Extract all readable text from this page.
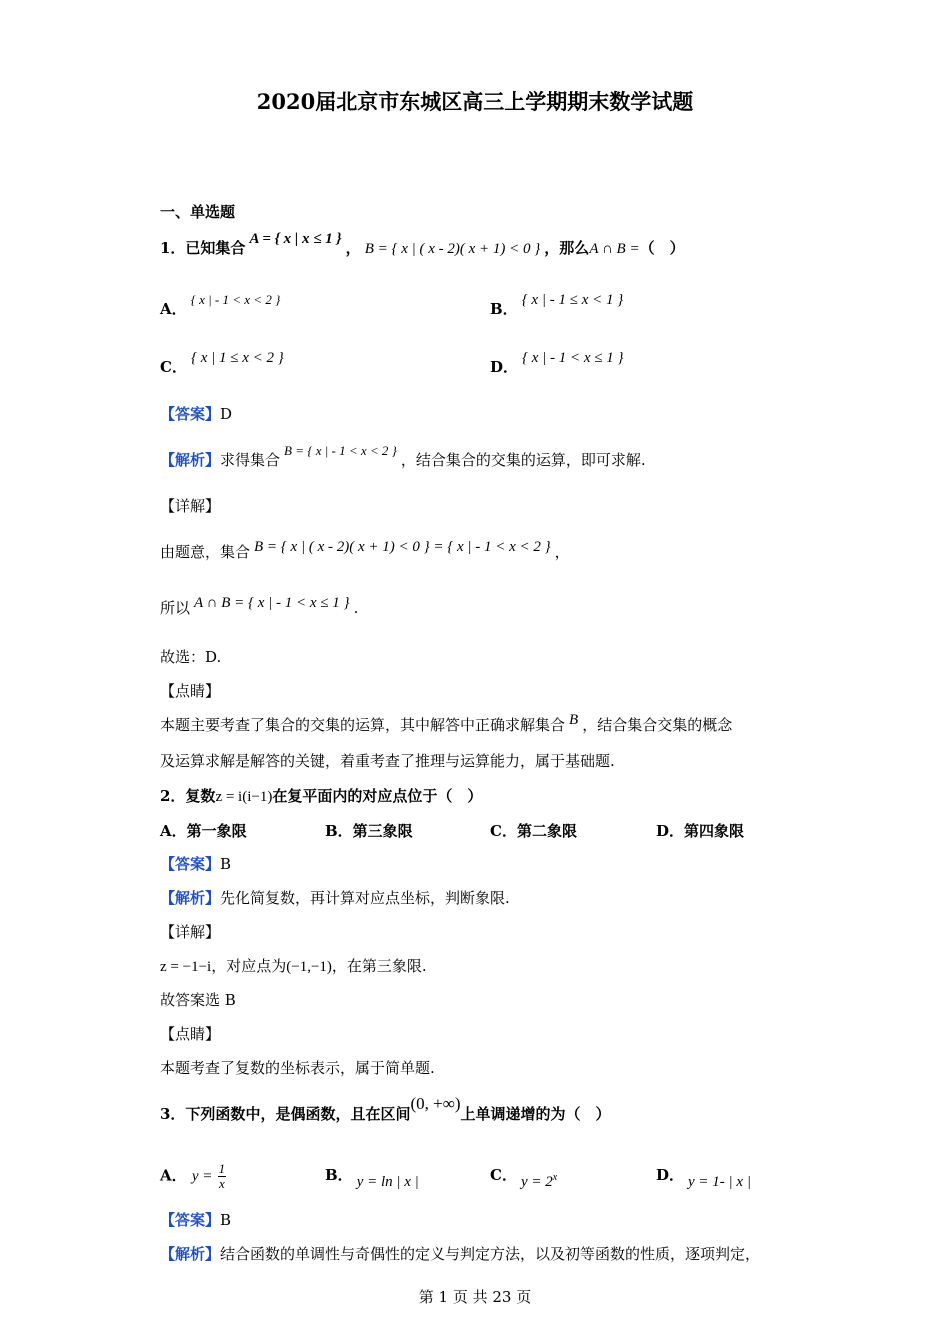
2020届北京市东城区高三上学期期末数学试题
一、单选题
1．已知集合 A = { x | x ≤ 1 } ， B = { x | ( x - 2)( x + 1) < 0 } ，那么A ∩ B =（　）
A．{ x | - 1 < x < 2 }
B． { x | - 1 ≤ x < 1 }
C． { x | 1 ≤ x < 2 }	D． { x | - 1 < x ≤ 1 }
【答案】D
【解析】求得集合B = { x | - 1 < x < 2 }，结合集合的交集的运算，即可求解.
【详解】
由题意，集合 B = { x | ( x - 2)( x + 1) < 0 } = { x | - 1 < x < 2 } ，
所以 A ∩ B = { x | - 1 < x ≤ 1 } .
故选：D.
【点睛】
本题主要考查了集合的交集的运算，其中解答中正确求解集合 B ，结合集合交集的概念
及运算求解是解答的关键，着重考查了推理与运算能力，属于基础题.
2．复数z = i(i−1)在复平面内的对应点位于（　）
A．第一象限	B．第三象限	C．第二象限	D．第四象限
【答案】B
【解析】先化简复数，再计算对应点坐标，判断象限.
【详解】
z = −1−i，对应点为(−1,−1)，在第三象限.
故答案选 B
【点睛】
本题考查了复数的坐标表示，属于简单题.
3．下列函数中，是偶函数，且在区间(0, +∞)上单调递增的为（　）
A． $y = \frac{1}{x}$	B． y = ln | x |	C． $y = 2^x$	D． y = 1- | x |
【答案】B
【解析】结合函数的单调性与奇偶性的定义与判定方法，以及初等函数的性质，逐项判定，
第 1 页 共 23 页
